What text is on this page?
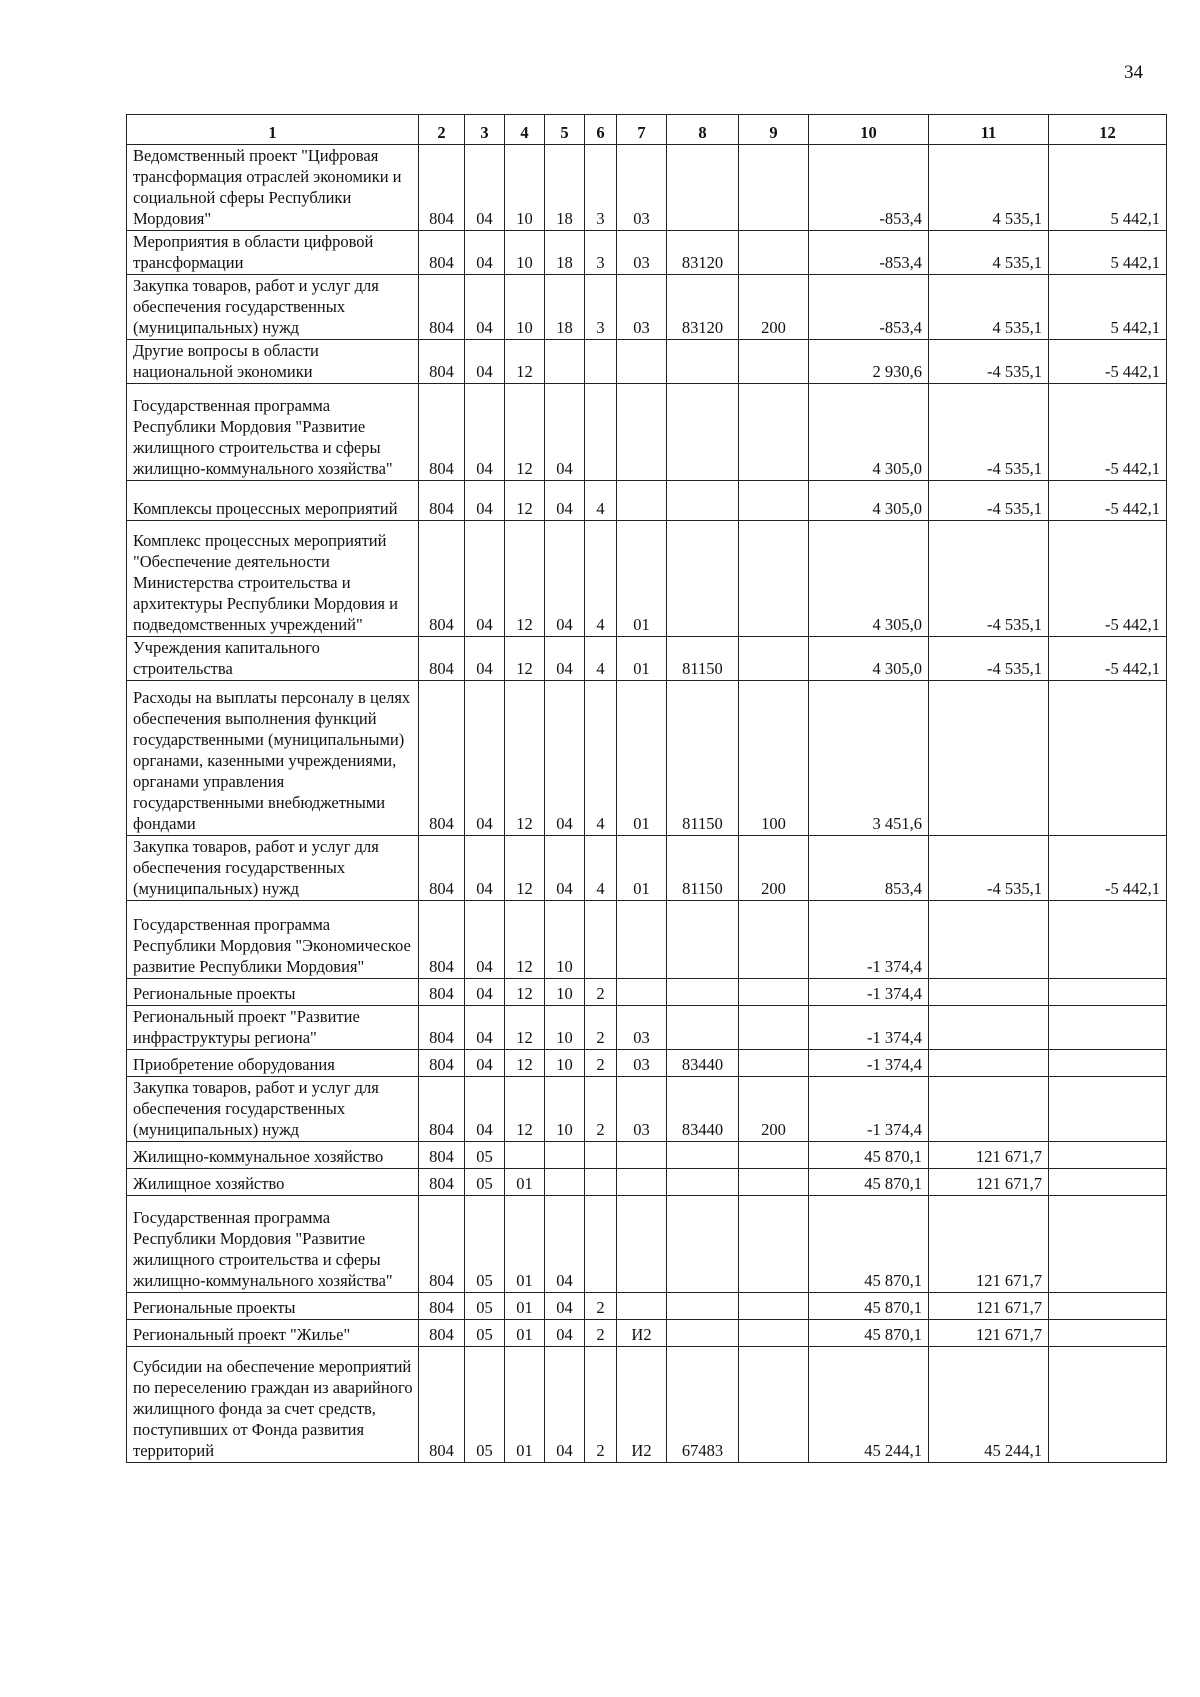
34
1	2	3	4	5	6	7	8	9	10	11	12
Ведомственный проект "Цифровая трансформация отраслей экономики и социальной сферы Республики Мордовия"	804	04	10	18	3	03			-853,4	4 535,1	5 442,1
Мероприятия в области цифровой трансформации	804	04	10	18	3	03	83120		-853,4	4 535,1	5 442,1
Закупка товаров, работ и услуг для обеспечения государственных (муниципальных) нужд	804	04	10	18	3	03	83120	200	-853,4	4 535,1	5 442,1
Другие вопросы в области национальной экономики	804	04	12						2 930,6	-4 535,1	-5 442,1
Государственная программа Республики Мордовия "Развитие жилищного строительства и сферы жилищно-коммунального хозяйства"	804	04	12	04					4 305,0	-4 535,1	-5 442,1
Комплексы процессных мероприятий	804	04	12	04	4				4 305,0	-4 535,1	-5 442,1
Комплекс процессных мероприятий "Обеспечение деятельности Министерства строительства и архитектуры Республики Мордовия и подведомственных учреждений"	804	04	12	04	4	01			4 305,0	-4 535,1	-5 442,1
Учреждения капитального строительства	804	04	12	04	4	01	81150		4 305,0	-4 535,1	-5 442,1
Расходы на выплаты персоналу в целях обеспечения выполнения функций государственными (муниципальными) органами, казенными учреждениями, органами управления государственными внебюджетными фондами	804	04	12	04	4	01	81150	100	3 451,6		
Закупка товаров, работ и услуг для обеспечения государственных (муниципальных) нужд	804	04	12	04	4	01	81150	200	853,4	-4 535,1	-5 442,1
Государственная программа Республики Мордовия "Экономическое развитие Республики Мордовия"	804	04	12	10					-1 374,4		
Региональные проекты	804	04	12	10	2				-1 374,4		
Региональный проект "Развитие инфраструктуры региона"	804	04	12	10	2	03			-1 374,4		
Приобретение оборудования	804	04	12	10	2	03	83440		-1 374,4		
Закупка товаров, работ и услуг для обеспечения государственных (муниципальных) нужд	804	04	12	10	2	03	83440	200	-1 374,4		
Жилищно-коммунальное хозяйство	804	05							45 870,1	121 671,7	
Жилищное хозяйство	804	05	01						45 870,1	121 671,7	
Государственная программа Республики Мордовия "Развитие жилищного строительства и сферы жилищно-коммунального хозяйства"	804	05	01	04					45 870,1	121 671,7	
Региональные проекты	804	05	01	04	2				45 870,1	121 671,7	
Региональный проект "Жилье"	804	05	01	04	2	И2			45 870,1	121 671,7	
Субсидии на обеспечение мероприятий по переселению граждан из аварийного жилищного фонда за счет средств, поступивших от Фонда развития территорий	804	05	01	04	2	И2	67483		45 244,1	45 244,1	
